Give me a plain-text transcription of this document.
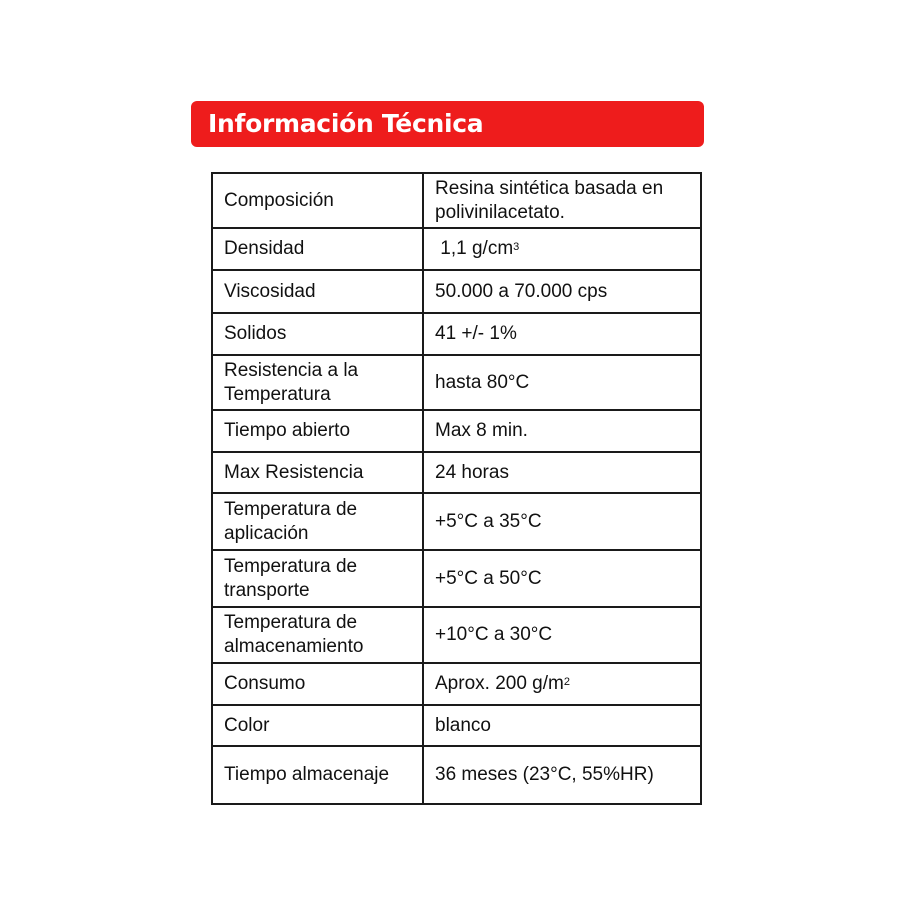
Información Técnica
Composición	Resina sintética basada en polivinilacetato.
Densidad	1,1 $g/cm^3$
Viscosidad	50.000 a 70.000 cps
Solidos	41 +/- 1%
Resistencia a la Temperatura	hasta 80°C
Tiempo abierto	Max 8 min.
Max Resistencia	24 horas
Temperatura de aplicación	+5°C a 35°C
Temperatura de transporte	+5°C a 50°C
Temperatura de almacenamiento	+10°C a 30°C
Consumo	Aprox. 200 $g/m^2$
Color	blanco
Tiempo almacenaje	36 meses (23°C, 55%HR)
